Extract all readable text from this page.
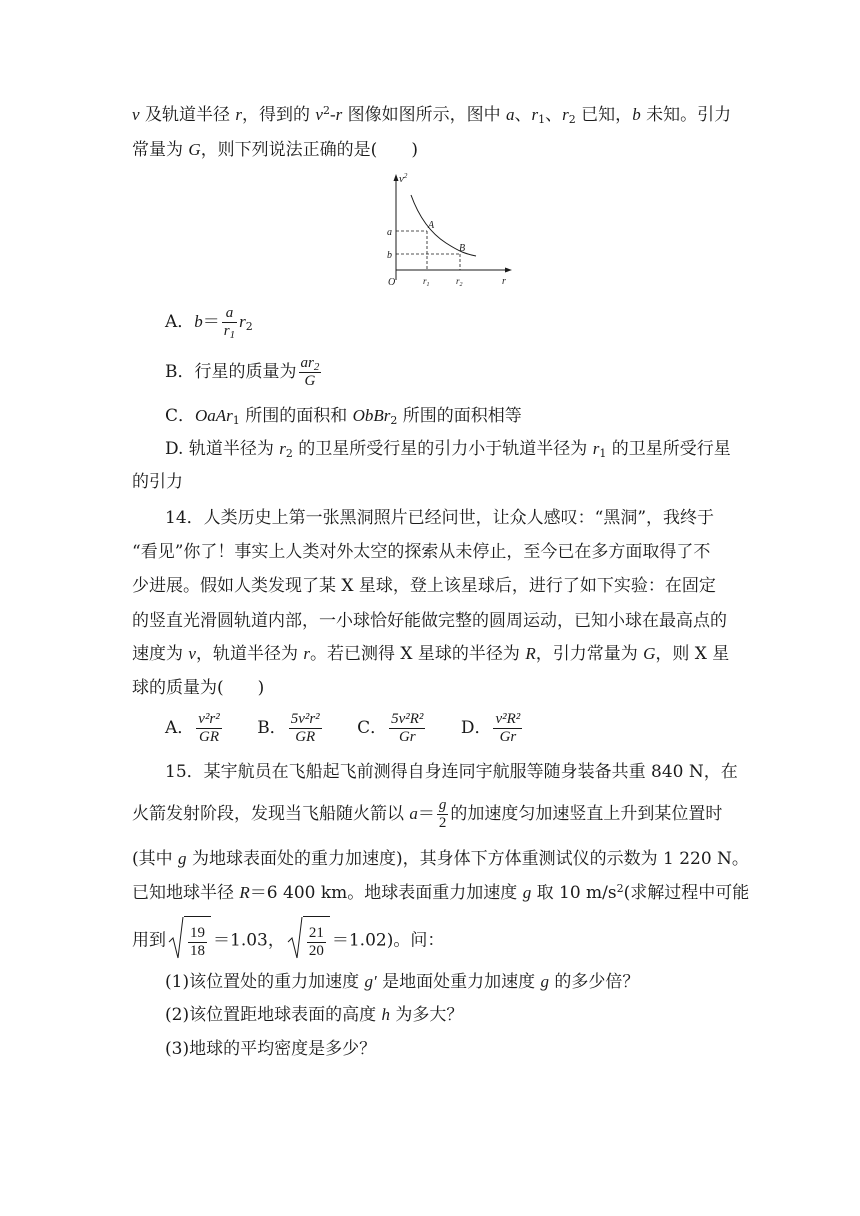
v 及轨道半径 r，得到的 $v^2-r$ 图像如图所示，图中 a、$r_1$、$r_2$ 已知，b 未知。引力
常量为 G，则下列说法正确的是(　　)
$v^2$
a
b
A
B
O	$r_1$	$r_2$	r
A．$b= \frac{a}{r_1} r_2$
B．行星的质量为 $\frac{ar_2}{G}$
C．OaAr$_1$ 所围的面积和 ObBr$_2$ 所围的面积相等
D. 轨道半径为 $r_2$ 的卫星所受行星的引力小于轨道半径为 $r_1$ 的卫星所受行星
的引力
14．人类历史上第一张黑洞照片已经问世，让众人感叹：“黑洞”，我终于
“看见”你了！事实上人类对外太空的探索从未停止，至今已在多方面取得了不
少进展。假如人类发现了某 X 星球，登上该星球后，进行了如下实验：在固定
的竖直光滑圆轨道内部，一小球恰好能做完整的圆周运动，已知小球在最高点的
速度为 v，轨道半径为 r。若已测得 X 星球的半径为 R，引力常量为 G，则 X 星
球的质量为(　　)
A． $\frac{\text{v²r²}}{GR}$ B． $\frac{\text{5v²r²}}{GR}$ C． $\frac{\text{5v²R²}}{Gr}$ D． $\frac{\text{v²R²}}{Gr}$
15．某宇航员在飞船起飞前测得自身连同宇航服等随身装备共重 840 N，在
火箭发射阶段，发现当飞船随火箭以 $a= \frac{g}{2}$ 的加速度匀加速竖直上升到某位置时
(其中 g 为地球表面处的重力加速度)，其身体下方体重测试仪的示数为 1 220 N。
已知地球半径 R＝6 400 km。地球表面重力加速度 g 取 10 $m/s^2$(求解过程中可能
用到 $\frac{19}{18} =1.03$， $\frac{21}{20} =1.02$)。问：
(1)该位置处的重力加速度 g′ 是地面处重力加速度 g 的多少倍？
(2)该位置距地球表面的高度 h 为多大？
(3)地球的平均密度是多少？
